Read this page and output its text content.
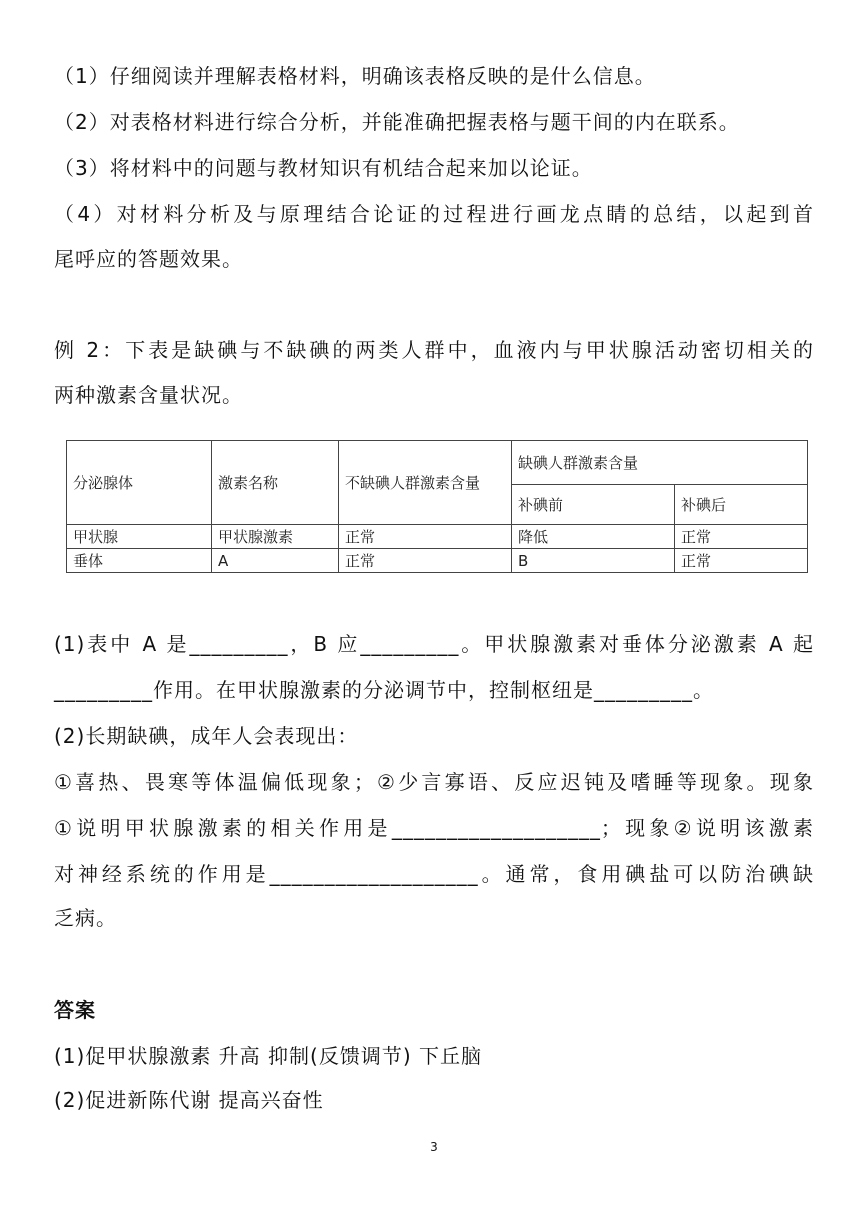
（1）仔细阅读并理解表格材料，明确该表格反映的是什么信息。
（2）对表格材料进行综合分析，并能准确把握表格与题干间的内在联系。
（3）将材料中的问题与教材知识有机结合起来加以论证。
（4）对材料分析及与原理结合论证的过程进行画龙点睛的总结，以起到首
尾呼应的答题效果。
例 2：下表是缺碘与不缺碘的两类人群中，血液内与甲状腺活动密切相关的
两种激素含量状况。
分泌腺体	激素名称	不缺碘人群激素含量	缺碘人群激素含量	
			补碘前	补碘后
甲状腺	甲状腺激素	正常	降低	正常
垂体	A	正常	B	正常
(1)表中 A 是_________，B 应_________。甲状腺激素对垂体分泌激素 A 起
_________作用。在甲状腺激素的分泌调节中，控制枢纽是_________。
(2)长期缺碘，成年人会表现出：
①喜热、畏寒等体温偏低现象；②少言寡语、反应迟钝及嗜睡等现象。现象
①说明甲状腺激素的相关作用是___________________；现象②说明该激素
对神经系统的作用是___________________。通常，食用碘盐可以防治碘缺
乏病。
答案
(1)促甲状腺激素 升高 抑制(反馈调节) 下丘脑
(2)促进新陈代谢 提高兴奋性
3
